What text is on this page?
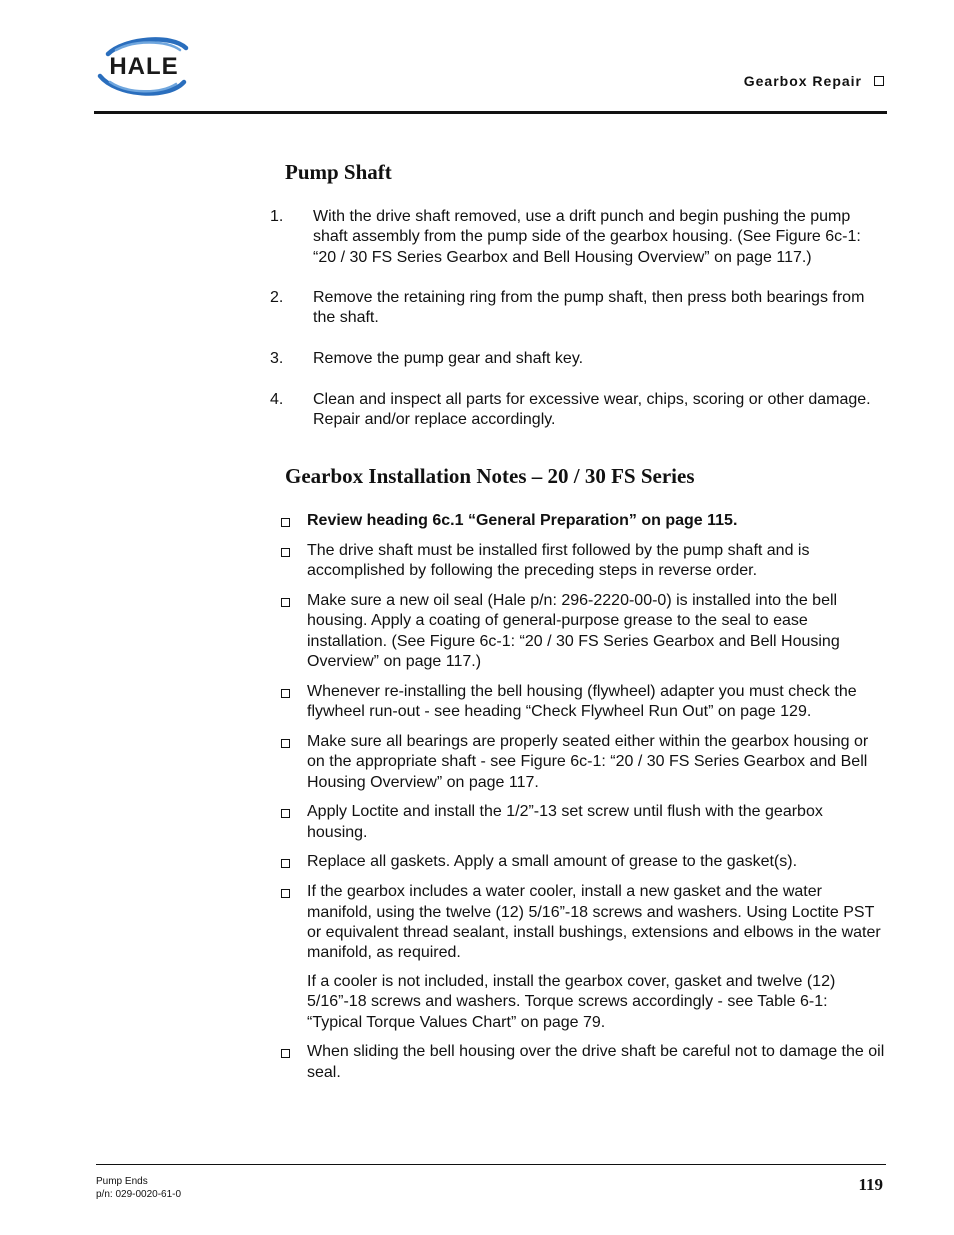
HALE
Gearbox Repair
Pump Shaft
1.	With the drive shaft removed, use a drift punch and begin pushing the pump shaft assembly from the pump side of the gearbox housing. (See Figure 6c-1: “20 / 30 FS Series Gearbox and Bell Housing Overview” on page 117.)
2.	Remove the retaining ring from the pump shaft, then press both bearings from the shaft.
3.	Remove the pump gear and shaft key.
4.	Clean and inspect all parts for excessive wear, chips, scoring or other damage. Repair and/or replace accordingly.
Gearbox Installation Notes – 20 / 30 FS Series
Review heading 6c.1 “General Preparation” on page 115.
The drive shaft must be installed first followed by the pump shaft and is accomplished by following the preceding steps in reverse order.
Make sure a new oil seal (Hale p/n: 296-2220-00-0) is installed into the bell housing. Apply a coating of general-purpose grease to the seal to ease installation. (See Figure 6c-1: “20 / 30 FS Series Gearbox and Bell Housing Overview” on page 117.)
Whenever re-installing the bell housing (flywheel) adapter you must check the flywheel run-out - see heading “Check Flywheel Run Out” on page 129.
Make sure all bearings are properly seated either within the gearbox housing or on the appropriate shaft - see Figure 6c-1: “20 / 30 FS Series Gearbox and Bell Housing Overview” on page 117.
Apply Loctite and install the 1/2”-13 set screw until flush with the gearbox housing.
Replace all gaskets. Apply a small amount of grease to the gasket(s).
If the gearbox includes a water cooler, install a new gasket and the water manifold, using the twelve (12) 5/16”-18 screws and washers. Using Loctite PST or equivalent thread sealant, install bushings, extensions and elbows in the water manifold, as required.
If a cooler is not included, install the gearbox cover, gasket and twelve (12) 5/16”-18 screws and washers. Torque screws accordingly - see Table 6-1: “Typical Torque Values Chart” on page 79.
When sliding the bell housing over the drive shaft be careful not to damage the oil seal.
Pump Ends
p/n: 029-0020-61-0
119
